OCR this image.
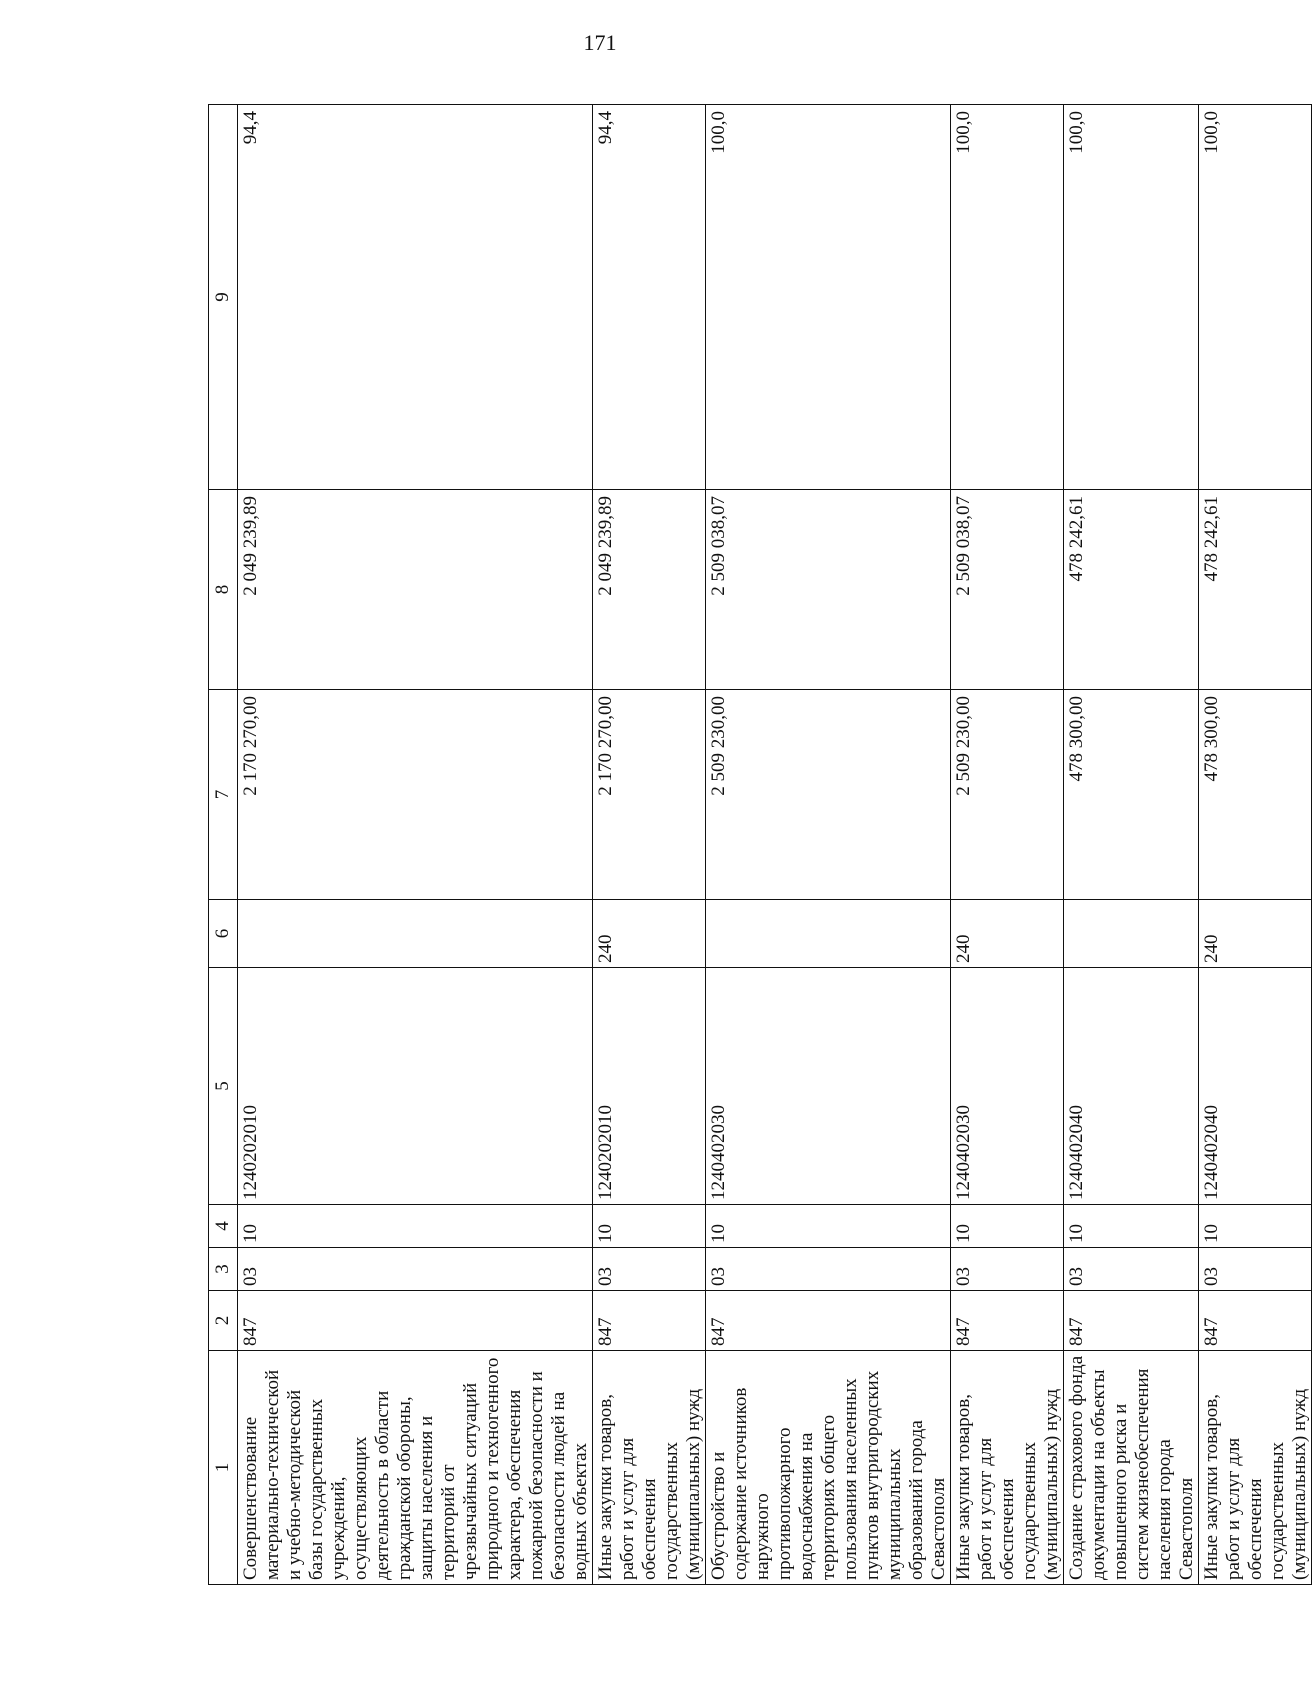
171
1	2	3	4	5	6	7	8	9
Совершенствование материально-технической и учебно-методической базы государственных учреждений, осуществляющих деятельность в области гражданской обороны, защиты населения и территорий от чрезвычайных ситуаций природного и техногенного характера, обеспечения пожарной безопасности и безопасности людей на водных объектах	847	03	10	1240202010		2 170 270,00	2 049 239,89	94,4
Иные закупки товаров, работ и услуг для обеспечения государственных (муниципальных) нужд	847	03	10	1240202010	240	2 170 270,00	2 049 239,89	94,4
Обустройство и содержание источников наружного противопожарного водоснабжения на территориях общего пользования населенных пунктов внутригородских муниципальных образований города Севастополя	847	03	10	1240402030		2 509 230,00	2 509 038,07	100,0
Иные закупки товаров, работ и услуг для обеспечения государственных (муниципальных) нужд	847	03	10	1240402030	240	2 509 230,00	2 509 038,07	100,0
Создание страхового фонда документации на объекты повышенного риска и систем жизнеобеспечения населения города Севастополя	847	03	10	1240402040		478 300,00	478 242,61	100,0
Иные закупки товаров, работ и услуг для обеспечения государственных (муниципальных) нужд	847	03	10	1240402040	240	478 300,00	478 242,61	100,0
